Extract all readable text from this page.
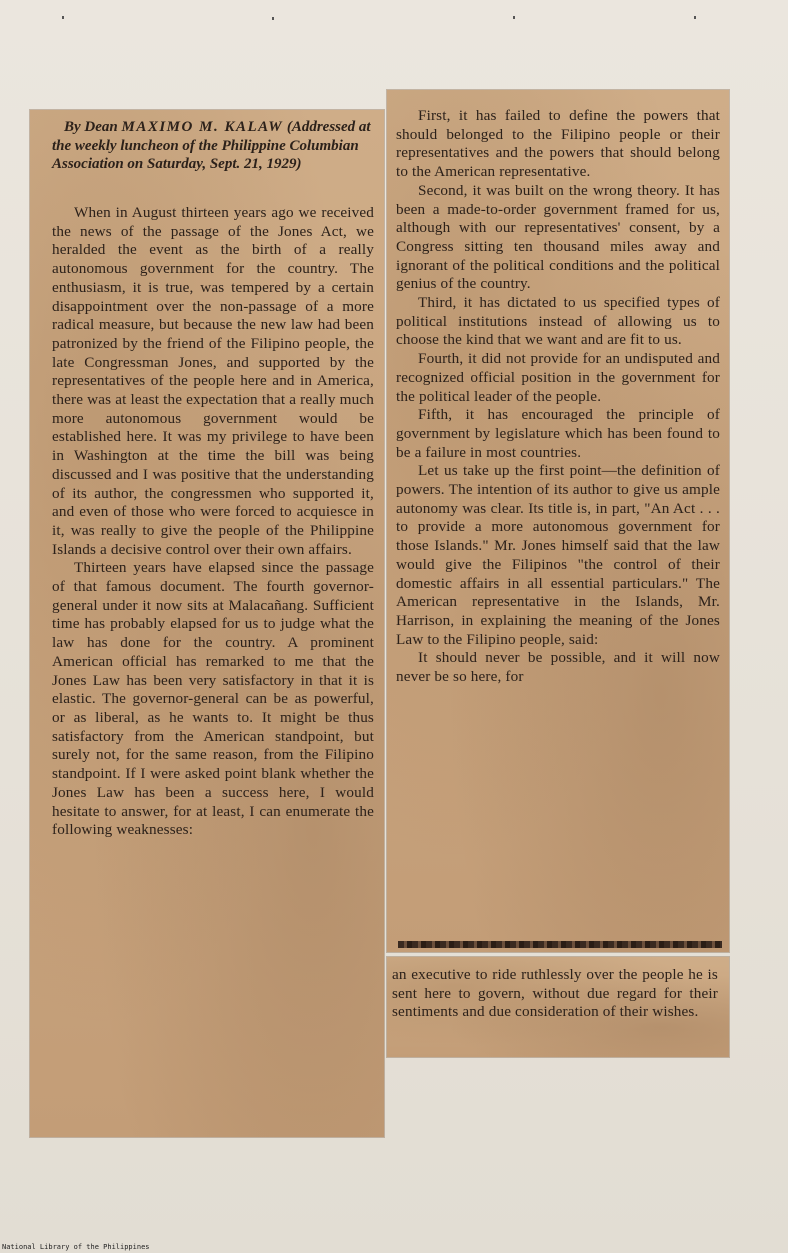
By Dean MAXIMO M. KALAW (Addressed at the weekly luncheon of the Philippine Columbian Association on Saturday, Sept. 21, 1929)

When in August thirteen years ago we received the news of the passage of the Jones Act, we heralded the event as the birth of a really autonomous government for the country. The enthusiasm, it is true, was tempered by a certain disappointment over the non-passage of a more radical measure, but because the new law had been patronized by the friend of the Filipino people, the late Congressman Jones, and supported by the representatives of the people here and in America, there was at least the expectation that a really much more autonomous government would be established here. It was my privilege to have been in Washington at the time the bill was being discussed and I was positive that the understanding of its author, the congressmen who supported it, and even of those who were forced to acquiesce in it, was really to give the people of the Philippine Islands a decisive control over their own affairs.

Thirteen years have elapsed since the passage of that famous document. The fourth governor-general under it now sits at Malacañang. Sufficient time has probably elapsed for us to judge what the law has done for the country. A prominent American official has remarked to me that the Jones Law has been very satisfactory in that it is elastic. The governor-general can be as powerful, or as liberal, as he wants to. It might be thus satisfactory from the American standpoint, but surely not, for the same reason, from the Filipino standpoint. If I were asked point blank whether the Jones Law has been a success here, I would hesitate to answer, for at least, I can enumerate the following weaknesses:

First, it has failed to define the powers that should belonged to the Filipino people or their representatives and the powers that should belong to the American representative.

Second, it was built on the wrong theory. It has been a made-to-order government framed for us, although with our representatives' consent, by a Congress sitting ten thousand miles away and ignorant of the political conditions and the political genius of the country.

Third, it has dictated to us specified types of political institutions instead of allowing us to choose the kind that we want and are fit to us.

Fourth, it did not provide for an undisputed and recognized official position in the government for the political leader of the people.

Fifth, it has encouraged the principle of government by legislature which has been found to be a failure in most countries.

Let us take up the first point—the definition of powers. The intention of its author to give us ample autonomy was clear. Its title is, in part, "An Act . . . to provide a more autonomous government for those Islands." Mr. Jones himself said that the law would give the Filipinos "the control of their domestic affairs in all essential particulars." The American representative in the Islands, Mr. Harrison, in explaining the meaning of the Jones Law to the Filipino people, said:

It should never be possible, and it will now never be so here, for

an executive to ride ruthlessly over the people he is sent here to govern, without due regard for their sentiments and due consideration of their wishes.

National Library of the Philippines
